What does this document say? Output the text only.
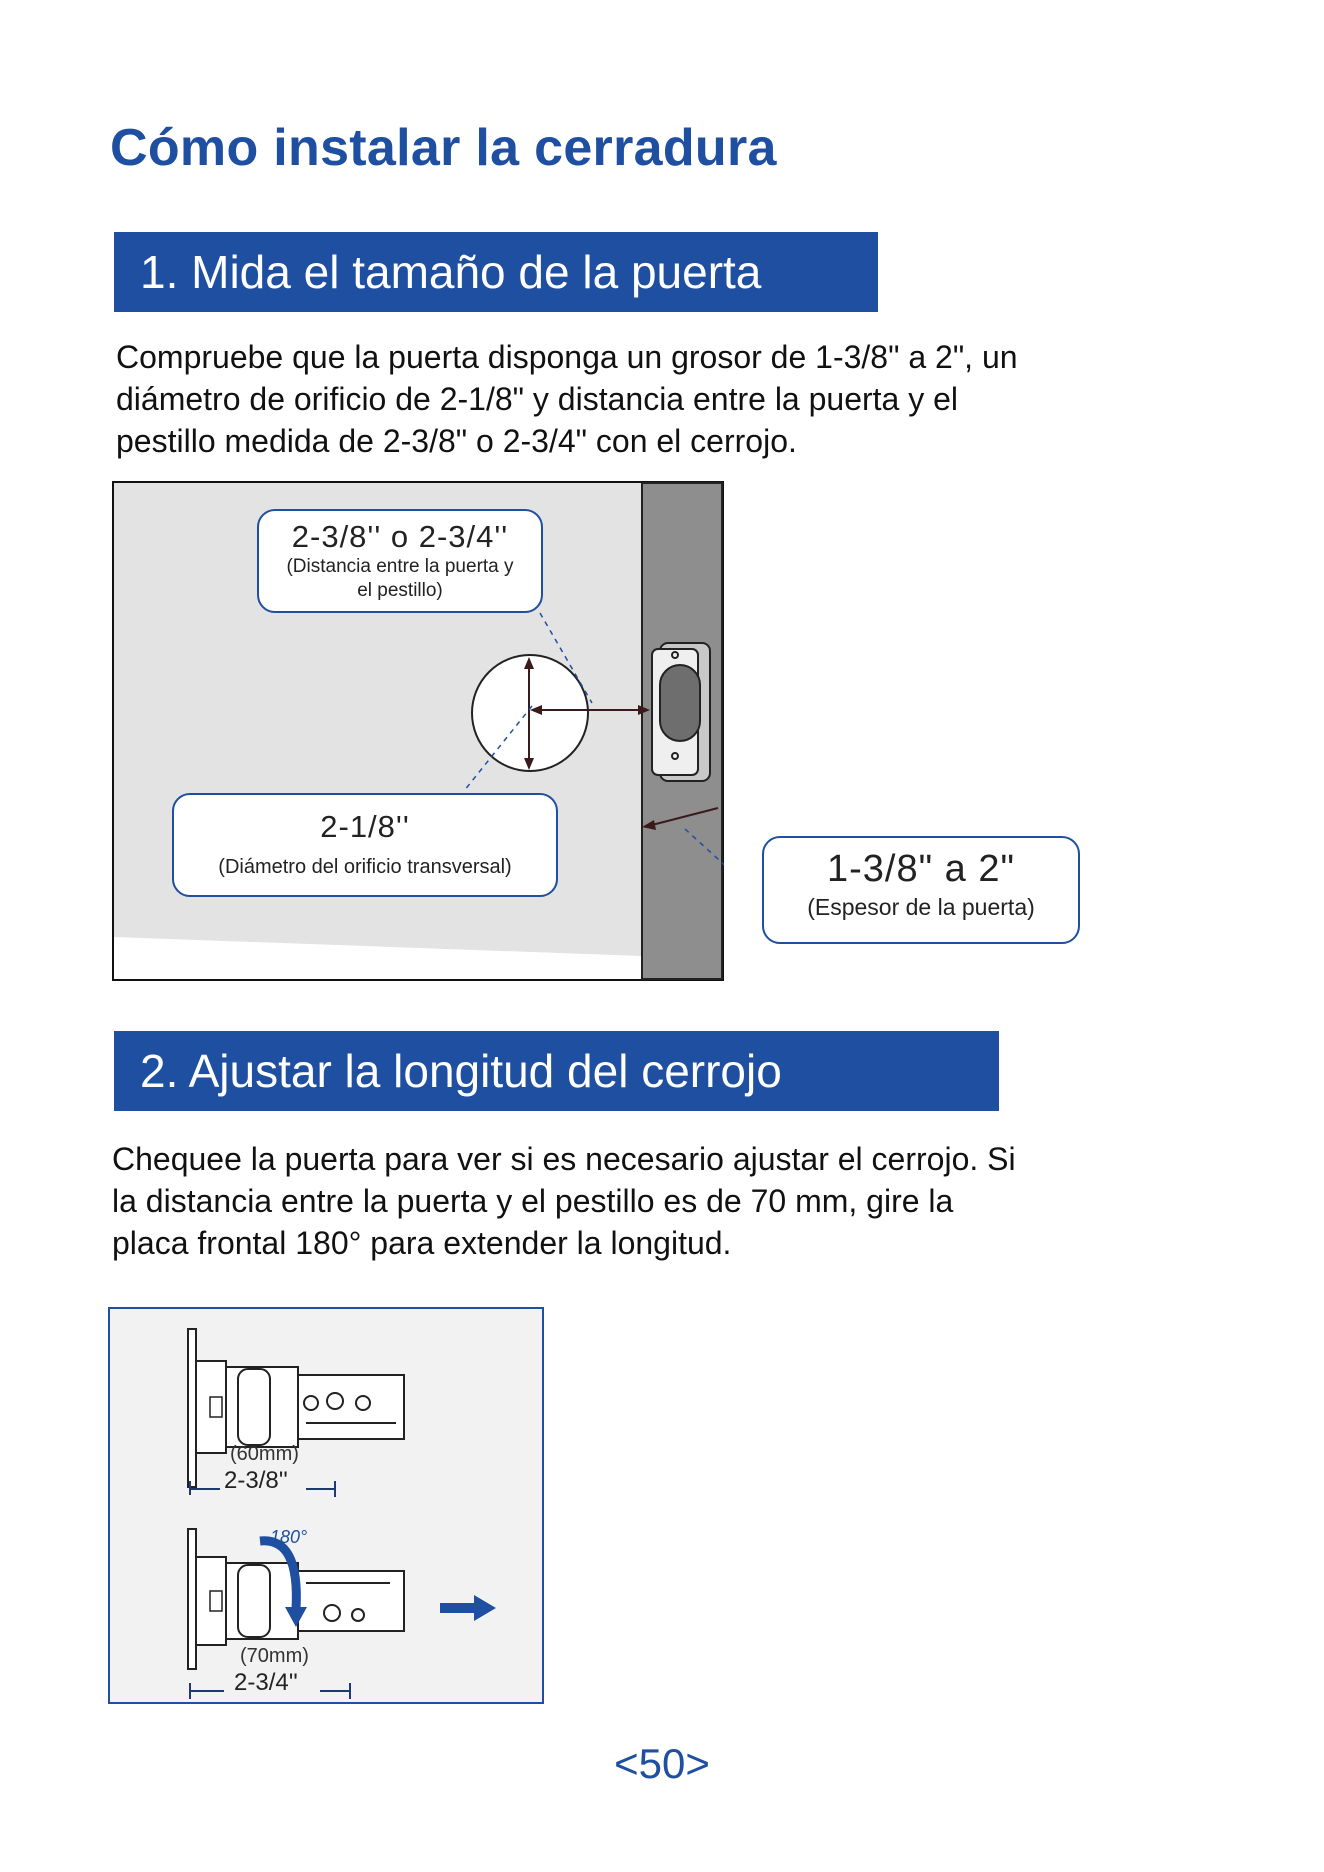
Cómo instalar la cerradura
1. Mida el tamaño de la puerta
Compruebe que la puerta disponga un grosor de 1-3/8" a 2", un
diámetro de orificio de 2-1/8" y distancia entre la puerta y el
pestillo medida de 2-3/8" o 2-3/4" con el cerrojo.
2-3/8'' o 2-3/4''
(Distancia entre la puerta y
el pestillo)
2-1/8''
(Diámetro del orificio transversal)	1-3/8" a 2"
(Espesor de la puerta)
2. Ajustar la longitud del cerrojo
Chequee la puerta para ver si es necesario ajustar el cerrojo. Si
la distancia entre la puerta y el pestillo es de 70 mm, gire la
placa frontal 180° para extender la longitud.
(60mm)
2-3/8''
180°
(70mm)
2-3/4''
<50>
